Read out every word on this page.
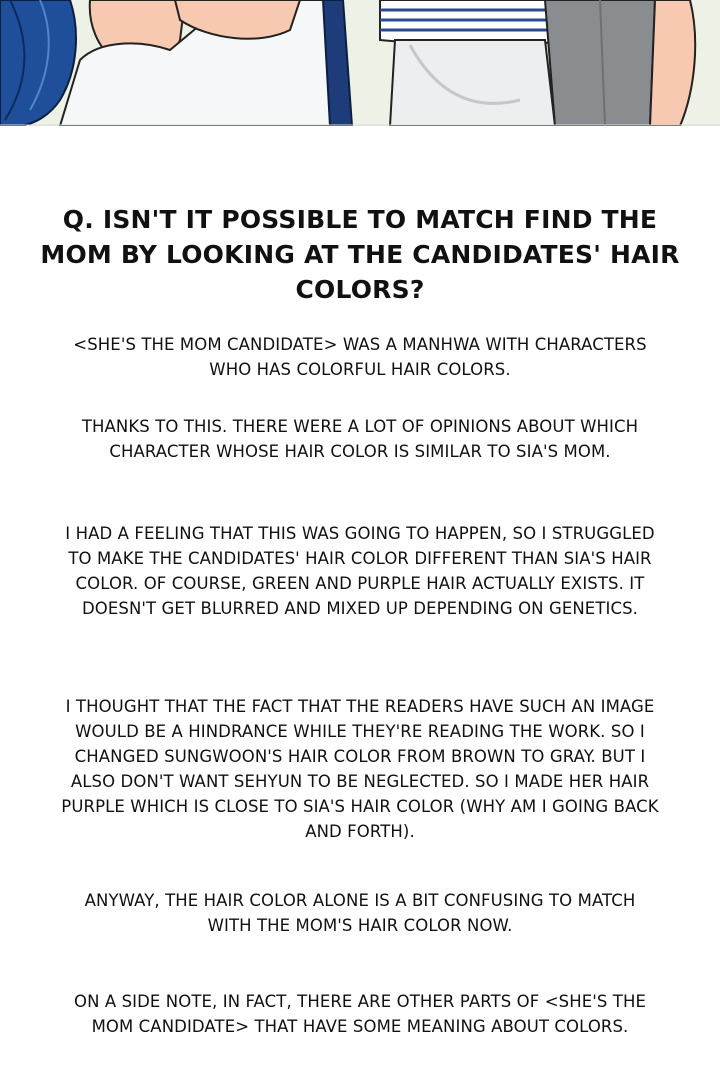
Q. ISN'T IT POSSIBLE TO MATCH FIND THE MOM BY LOOKING AT THE CANDIDATES' HAIR COLORS?

<SHE'S THE MOM CANDIDATE> WAS A MANHWA WITH CHARACTERS WHO HAS COLORFUL HAIR COLORS.

THANKS TO THIS. THERE WERE A LOT OF OPINIONS ABOUT WHICH CHARACTER WHOSE HAIR COLOR IS SIMILAR TO SIA'S MOM.

I HAD A FEELING THAT THIS WAS GOING TO HAPPEN, SO I STRUGGLED TO MAKE THE CANDIDATES' HAIR COLOR DIFFERENT THAN SIA'S HAIR COLOR. OF COURSE, GREEN AND PURPLE HAIR ACTUALLY EXISTS. IT DOESN'T GET BLURRED AND MIXED UP DEPENDING ON GENETICS.

I THOUGHT THAT THE FACT THAT THE READERS HAVE SUCH AN IMAGE WOULD BE A HINDRANCE WHILE THEY'RE READING THE WORK. SO I CHANGED SUNGWOON'S HAIR COLOR FROM BROWN TO GRAY. BUT I ALSO DON'T WANT SEHYUN TO BE NEGLECTED. SO I MADE HER HAIR PURPLE WHICH IS CLOSE TO SIA'S HAIR COLOR (WHY AM I GOING BACK AND FORTH).

ANYWAY, THE HAIR COLOR ALONE IS A BIT CONFUSING TO MATCH WITH THE MOM'S HAIR COLOR NOW.

ON A SIDE NOTE, IN FACT, THERE ARE OTHER PARTS OF <SHE'S THE MOM CANDIDATE> THAT HAVE SOME MEANING ABOUT COLORS.
